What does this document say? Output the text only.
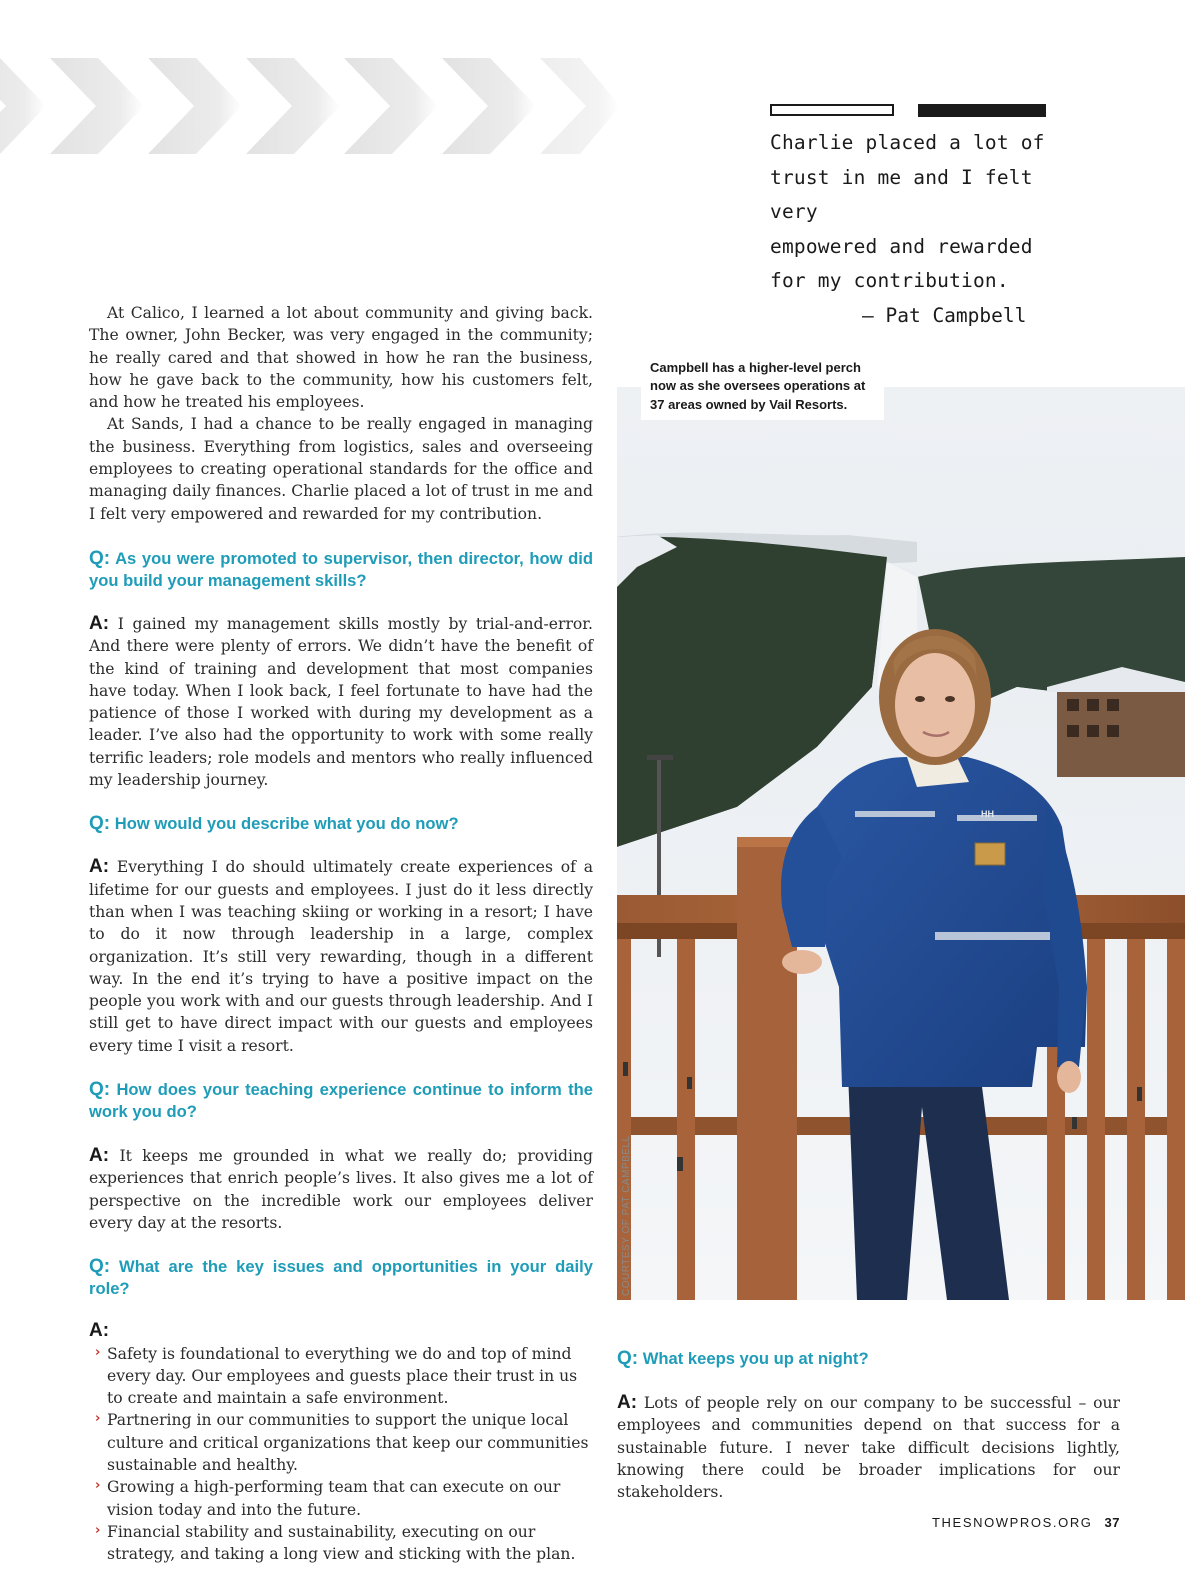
Charlie placed a lot of
trust in me and I felt very
empowered and rewarded
for my contribution.
– Pat Campbell

At Calico, I learned a lot about community and giving back. The owner, John Becker, was very engaged in the community; he really cared and that showed in how he ran the business, how he gave back to the community, how his customers felt, and how he treated his employees.

At Sands, I had a chance to be really engaged in managing the business. Everything from logistics, sales and overseeing employees to creating operational standards for the office and managing daily finances. Charlie placed a lot of trust in me and I felt very empowered and rewarded for my contribution.

Q: As you were promoted to supervisor, then director, how did you build your management skills?

A: I gained my management skills mostly by trial-and-error. And there were plenty of errors. We didn’t have the benefit of the kind of training and development that most companies have today. When I look back, I feel fortunate to have had the patience of those I worked with during my development as a leader. I’ve also had the opportunity to work with some really terrific leaders; role models and mentors who really influenced my leadership journey.

Q: How would you describe what you do now?

A: Everything I do should ultimately create experiences of a lifetime for our guests and employees. I just do it less directly than when I was teaching skiing or working in a resort; I have to do it now through leadership in a large, complex organization. It’s still very rewarding, though in a different way. In the end it’s trying to have a positive impact on the people you work with and our guests through leadership. And I still get to have direct impact with our guests and employees every time I visit a resort.

Q: How does your teaching experience continue to inform the work you do?

A: It keeps me grounded in what we really do; providing experiences that enrich people’s lives. It also gives me a lot of perspective on the incredible work our employees deliver every day at the resorts.

Q: What are the key issues and opportunities in your daily role?

A:

› Safety is foundational to everything we do and top of mind every day. Our employees and guests place their trust in us to create and maintain a safe environment.
› Partnering in our communities to support the unique local culture and critical organizations that keep our communities sustainable and healthy.
› Growing a high-performing team that can execute on our vision today and into the future.
› Financial stability and sustainability, executing on our strategy, and taking a long view and sticking with the plan.
HH
Campbell has a higher-level perch now as she oversees operations at 37 areas owned by Vail Resorts.
COURTESY OF PAT CAMPBELL

Q: What keeps you up at night?

A: Lots of people rely on our company to be successful – our employees and communities depend on that success for a sustainable future. I never take difficult decisions lightly, knowing there could be broader implications for our stakeholders.

THESNOWPROS.ORG 37
